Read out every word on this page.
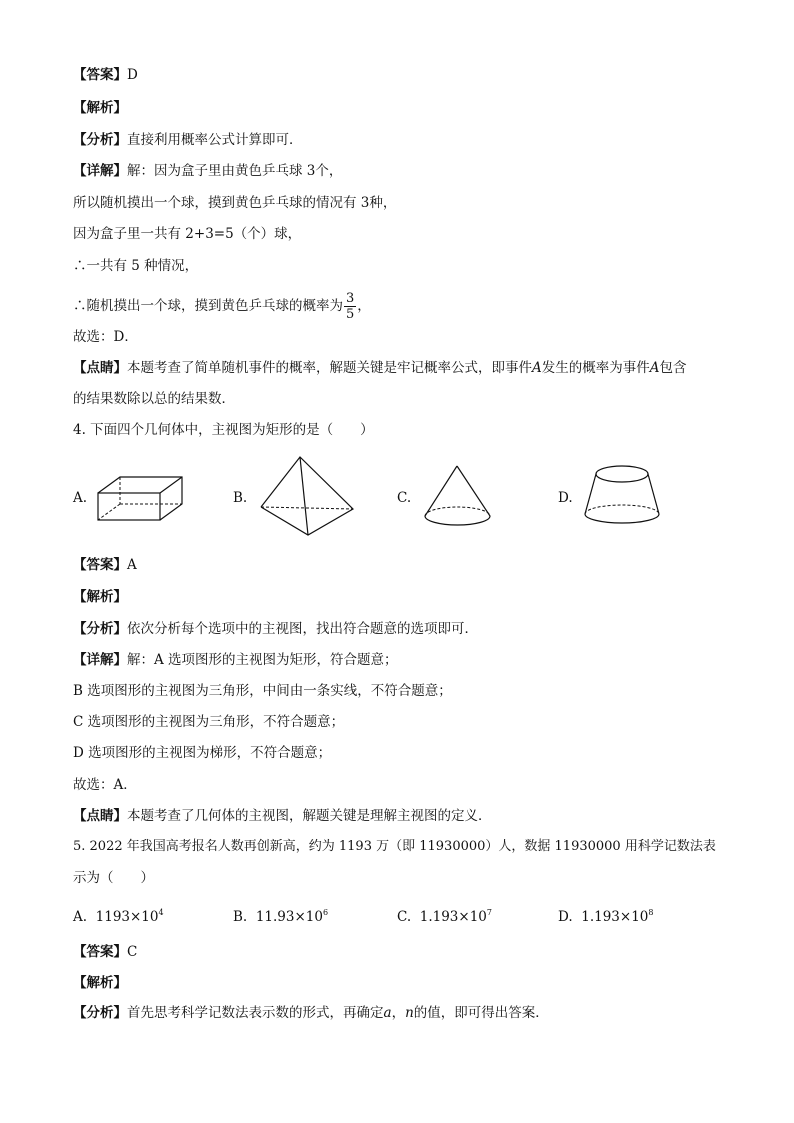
【答案】D
【解析】
【分析】直接利用概率公式计算即可．
【详解】解：因为盒子里由黄色乒乓球 3个，
所以随机摸出一个球，摸到黄色乒乓球的情况有 3种，
因为盒子里一共有 2+3=5（个）球，
∴一共有 5 种情况，
∴随机摸出一个球，摸到黄色乒乓球的概率为 $\frac{3}{5}$ ，
故选：D．
【点睛】本题考查了简单随机事件的概率，解题关键是牢记概率公式，即事件A发生的概率为事件A包含
的结果数除以总的结果数．
4. 下面四个几何体中，主视图为矩形的是（　　）
A.	B.	C.	D.
【答案】A
【解析】
【分析】依次分析每个选项中的主视图，找出符合题意的选项即可．
【详解】解：A 选项图形的主视图为矩形，符合题意；
B 选项图形的主视图为三角形，中间由一条实线，不符合题意；
C 选项图形的主视图为三角形，不符合题意；
D 选项图形的主视图为梯形，不符合题意；
故选：A．
【点睛】本题考查了几何体的主视图，解题关键是理解主视图的定义．
5. 2022 年我国高考报名人数再创新高，约为 1193 万（即 11930000）人，数据 11930000 用科学记数法表
示为（　　）
A. $1193\times 10^4$	B. $11.93\times 10^6$	C. $1.193\times 10^7$	D. $1.193\times 10^8$
【答案】C
【解析】
【分析】首先思考科学记数法表示数的形式，再确定a，n的值，即可得出答案．
